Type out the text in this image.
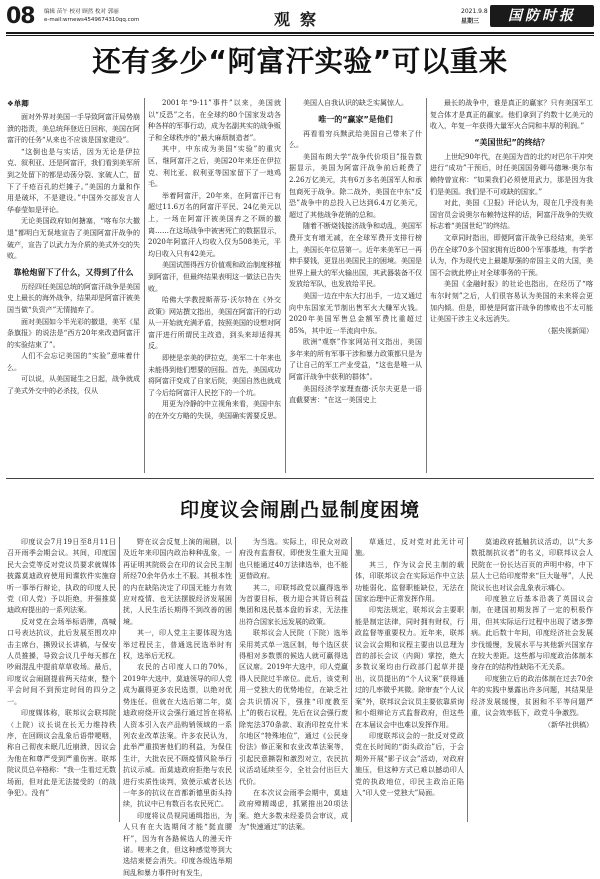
08 编辑 苗午 校对 顾然 枚对 郭丽
e-mail:wrnews4549674310qq.com	观察	2021.9.8
星期三	国防时报
还有多少“阿富汗实验”可以重来

❖单卿

面对外界对美国一手导致阿富汗局势崩溃的指责，美总统拜登近日回称，美国在阿富汗的任务“从来也不应该是国家建设”。

“这倒也是与实话，因为无论是伊拉克、叙利亚、还是阿富汗，我们看到美军所到之处留下的都是动荡分裂、家破人亡，留下了千疮百孔的烂摊子。”美国的力量和作用是破坏，不是建设。”中国外交部发言人华春莹如是评论。

无论美国政府如何搪塞，“喀布尔大撤退”都明白无误地宣告了美国阿富汗战争的破产，宣告了以武力为介质的美式外交的失败。

靠枪炮留下了什么，又得到了什么

历经四任美国总统的阿富汗战争是美国史上最长的海外战争，结果却是阿富汗被美国当做“负资产”无情抛弃了。

面对美国如今半光彩的撤退，美军《星条旗报》的说法是“西方20年来改造阿富汗的实验结束了”。

人们不会忘记美国的“实验”意味着什么。

可以说，从美国诞生之日起，战争就成了美式外交中的必杀技，仅从

2001年“9·11”事件”以来，美国就以“反恐”之名，在全球约80个国家发动各种各样的军事行动，成为名副其实的战争贩子和全球秩序的“最大麻烦制造者”。

其中，中东成为美国“实验”的重灾区，继阿富汗之后，美国20年来还在伊拉克、利比亚、叙利亚等国家留下了一地鸡毛。

举着阿富汗，20年来，在阿富汗已有超过11.6万名的阿富汗平民、24亿美元以上，一场在阿富汗被美国弃之不顾的撤离……在这场战争中被害死亡的数据显示，2020年阿富汗人均收入仅为508美元，平均日收入只有42美元。

美国试图得西方价值观和政治制度移植到阿富汗，但最终结果表明这一做法已告失败。

哈佛大学教授斯蒂芬·沃尔特在《外交政策》网站撰文指出，美国在阿富汗的行动从一开始就充满矛盾，按照美国的设想对阿富汗进行所谓民主改造，到头来却适得其反。

即使是亲美的伊拉克，美军二十年来也未能得到他们想要的回报。首先，美国成功将阿富汗变成了自家后院，美国自然也就成了今后给阿富汗人民挖下的一个坑。

用更为冷静的中立视角来看，美国中东的在外交方略的失误，美国确实需要反思。

美国人自我认识的缺乏实属惊人。

唯一的“赢家”是他们

再看看穷兵黩武给美国自己带来了什么。

美国布朗大学“战争代价项目”报告数据显示，美国为阿富汗战争前后耗费了2.26万亿美元，共有6万多名美国军人和承包商死于战争。除二战外，美国在中东“反恐”战争中的总投入已达到6.4万亿美元，超过了其他战争花销的总和。

随着不断烧钱接济战争和动乱，美国军费开支有增无减，在全球军费开支排行榜上，美国长年位居第一。近年来美军已一再伸手要钱，更显出美国民主的困境。美国是世界上最大的军火输出国，其武器装备不仅发放给军队，也发放给平民。

美国一边在中东大打出手，一边又通过向中东国家无节制出售军火大赚军火钱。2020年美国军售总金额军费比重超过85%，其中近一半流向中东。

欧洲“观察”作家网站刊文指出，美国多年来的所有军事干涉和暴力政策都只是为了让自己的军工产业受益，“这也是唯一从阿富汗战争中获利的群体”。

美国经济学家理查德·沃尔夫更是一语直截要害：“在这一美国史上

最长的战争中，谁是真正的赢家？只有美国军工复合体才是真正的赢家。他们拿到了约数十亿美元的收入，年复一年获得大量军火合同和丰厚的利润。”

“美国世纪”的终结？

上世纪90年代，在美国为首的北约对巴尔干冲突进行“成功”干预后，时任美国国务卿马德琳·奥尔布赖特曾宣称：“如果我们必须使用武力，那是因为我们是美国。我们是不可或缺的国家。”

对此，美国《卫报》评论认为，现在几乎没有美国官员会说奥尔布赖特这样的话，阿富汗战争的失败标志着“美国世纪”的终结。

文章同时指出，即便阿富汗战争已经结束，美军仍在全球70多个国家拥有近800个军事基地，有学者认为，作为现代史上最雄厚强的帝国主义的大国，美国不会就此停止对全球事务的干预。

美国《金融时报》的社论也指出，在经历了“喀布尔时刻”之后，人们很容易认为美国的未来将会更加内倾。但是，即使是阿富汗战争的惨败也不太可能让美国干涉主义永远消失。

（据央视新闻）

印度议会闹剧凸显制度困境

印度议会7月19日至8月11日召开雨季会期会议。其间，印度国民大会党等反对党议员要求就媒体披露莫迪政府使用间谍软件实施窃听一事举行辩论，执政的印度人民党（印人党）予以拒绝，并强推莫迪政府提出的一系列法案。

反对党在会场举标语牌，高喊口号表达抗议，此后发展至围攻冲击主席台，撕毁议长讲稿，与保安人员推搡，导致会议几乎每天都在吵闹混乱中提前草草收场。最后，印度议会闹剧提前两天结束，整个平会时间不到预定时间的四分之一。

印度媒体称，联邦议会联邦院（上院）议长说在长无力维持秩序，在回顾议会乱象后语带哽咽，称自己彻夜未眠几近崩溃，因议会为他在和尊严受到严重伤害。联邦院议员总辛格称：“我一生看过无数场面，但对此是无法接受的（的战争犯）。没有”

野在议会反复上演的闹剧，以及近年来印国内政治种种乱象，一再证明其院级会在印的议会民主制所经70余年仍水土不服。其根本性的内在缺陷决定了印国无能力有效应对疫情、也无法摆脱经济发展困扰，人民生活长期得不到改善的困境。

其一，印人党主主要体现为选举过程民主，普通选民选举时有权，选举后无权。

农民的占印度人口的70%，2019年大选中，莫迪领导的印人党成为赢得更多农民选票，以绝对优势连任。但就在大选后第二年，莫迪政府绕开议会强行通过旨在将私人资本引入农产品购销领域的一系列农业改革法案。许多农民认为，此举严重损害他们的利益，为保住生计，大批农民不顾疫情风险举行抗议示威。而莫迪政府拒绝与农民进行实质性谈判，致使示威者长达一年多的抗议在首都新德里街头持续，抗议中已有数百名农民死亡。

印度将议员视同通缉指出，为人只有在大选期间才能“挺直腰杆”，因为有各路候选人的漫天许诺。嗟来之食，但这种感觉等到大选结束便会消失。印度各级选举期间乱和暴力事件时有发生，

为当选。实际上，印民众对政府没有监督权，即使发生重大丑闻也只能通过40万法律选举，也不能更替政府。

其二，印联邦政党以赢得选举为首要目标，极力迎合其背后利益集团和选民基本盘的诉求，无法推出符合国家长远发展的政策。

联邦议会人民院（下院）选举采用英式单一选区制，每个选区获得相对多数票的候选人就可赢得选区议席。2019年大选中，印人党赢得人民院过半席位。此后，该党利用一党独大的优势地位，在缺乏社会共识情况下，强推“印度教至上”的极右议程，先后在议会强行废除宪法370条款、取消印控克什米尔地区“特殊地位”，通过《公民身份法》修正案和农业改革法案等，引起民意撕裂和激烈对立，农民抗议活动延续至今，全社会付出巨大代价。

在本次议会雨季会期中，莫迪政府殚精竭虑，抓紧推出20项法案。绝大多数未经委员会审议，成为“快速通过”的法案。

草通过，反对党对此无计可施。

其三，作为议会民主制的载体，印联邦议会在实际运作中立法功能弱化、监督职能缺位，无法在国家治理中正常发挥作用。

印宪法规定，联邦议会主要职能是制定法律，同时拥有财权，行政监督等重要权力。近年来，联邦议会议会期和议程主要由以总理为首的部长会议（内阁）掌控，绝大多数议案均由行政部门起草并提出，议员提出的“个人议案”获得通过的几率微乎其微。除审查“个人议案”外，联邦议会议员主要依靠质询和小组辩论方式监督政府，但这些在本届议会中也难以发挥作用。

印度联邦议会的一批反对党政党在长时间的“街头政治”后，于会期外开展“影子议会”活动，对政府施压，但这种方式已难以撼动印人党的执政地位，印民主政治正陷入“印人党一党独大”局面。

莫迪政府抵触抗议活动，以“大多数抵制抗议者”的名义，印联邦议会人民院在一份长达百页的声明中称，中下层人士已给印度带来“巨大耻辱”，人民院议长也对议会乱象表示痛心。

印度独立后基本沿袭了英国议会制，在建国初期发挥了一定的积极作用，但其实际运行过程中出现了诸多弊病。此后数十年间，印度经济社会发展步伐缓慢，发展水平与其他新兴国家存在较大差距。这些都与印度政治体制本身存在的结构性缺陷不无关系。

印度独立后的政治体制在过去70余年的实践中暴露出许多问题，其结果是经济发展缓慢，贫困和不平等问题严重，议会效率低下，政党斗争激烈。

（新华社供稿）
